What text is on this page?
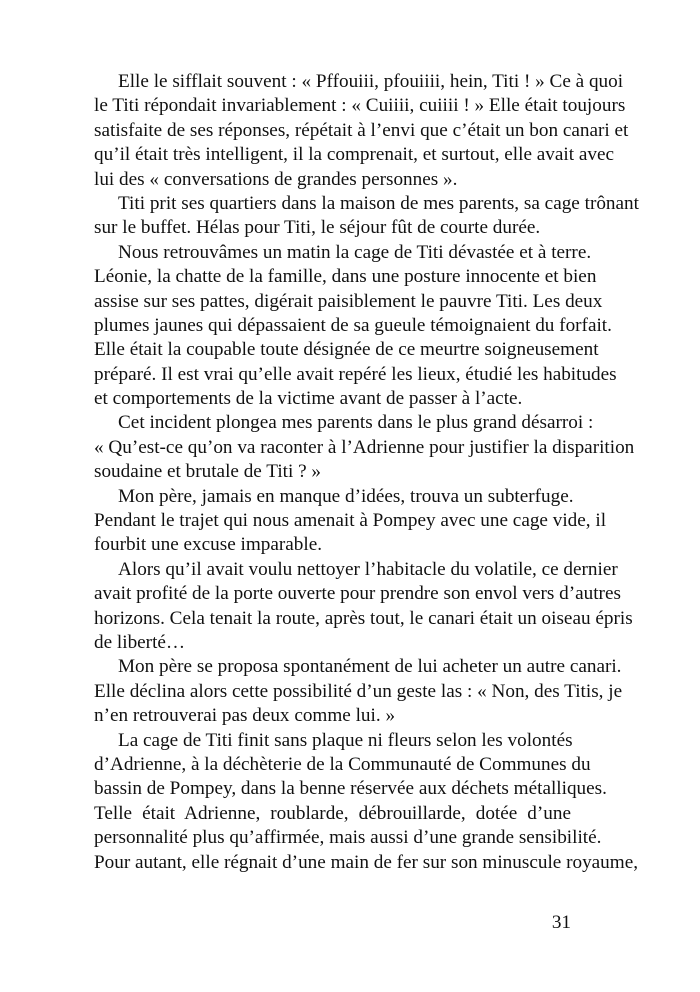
Elle le sifflait souvent : « Pffouiii, pfouiiii, hein, Titi ! » Ce à quoi
le Titi répondait invariablement : « Cuiiii, cuiiii ! » Elle était toujours
satisfaite de ses réponses, répétait à l’envi que c’était un bon canari et
qu’il était très intelligent, il la comprenait, et surtout, elle avait avec
lui des « conversations de grandes personnes ».
Titi prit ses quartiers dans la maison de mes parents, sa cage trônant
sur le buffet. Hélas pour Titi, le séjour fût de courte durée.
Nous retrouvâmes un matin la cage de Titi dévastée et à terre.
Léonie, la chatte de la famille, dans une posture innocente et bien
assise sur ses pattes, digérait paisiblement le pauvre Titi. Les deux
plumes jaunes qui dépassaient de sa gueule témoignaient du forfait.
Elle était la coupable toute désignée de ce meurtre soigneusement
préparé. Il est vrai qu’elle avait repéré les lieux, étudié les habitudes
et comportements de la victime avant de passer à l’acte.
Cet incident plongea mes parents dans le plus grand désarroi :
« Qu’est-ce qu’on va raconter à l’Adrienne pour justifier la disparition
soudaine et brutale de Titi ? »
Mon père, jamais en manque d’idées, trouva un subterfuge.
Pendant le trajet qui nous amenait à Pompey avec une cage vide, il
fourbit une excuse imparable.
Alors qu’il avait voulu nettoyer l’habitacle du volatile, ce dernier
avait profité de la porte ouverte pour prendre son envol vers d’autres
horizons. Cela tenait la route, après tout, le canari était un oiseau épris
de liberté…
Mon père se proposa spontanément de lui acheter un autre canari.
Elle déclina alors cette possibilité d’un geste las : « Non, des Titis, je
n’en retrouverai pas deux comme lui. »
La cage de Titi finit sans plaque ni fleurs selon les volontés
d’Adrienne, à la déchèterie de la Communauté de Communes du
bassin de Pompey, dans la benne réservée aux déchets métalliques.
Telle était Adrienne, roublarde, débrouillarde, dotée d’une
personnalité plus qu’affirmée, mais aussi d’une grande sensibilité.
Pour autant, elle régnait d’une main de fer sur son minuscule royaume,
31
